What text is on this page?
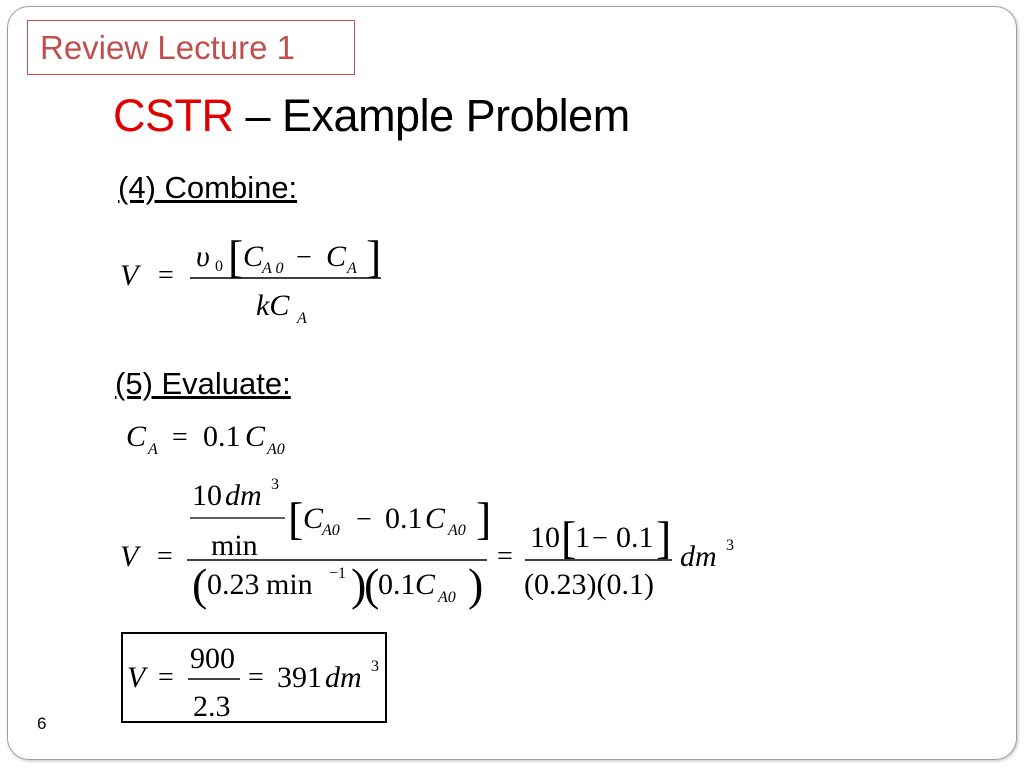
Review Lecture 1
CSTR – Example Problem
(4) Combine:
(5) Evaluate:
V =
υ 0 [ C
A 0 − C A ]
kC A
C A = 0.1 C A0
V =
10 dm 3
min
[ C
A0 − 0.1 C A0 ]
( 0.23 min −1 )
(
0.1 C A0 )
=
10 [
1 − 0.1 ]
(0.23)(0.1)
dm 3
V =
900
2.3
= 391 dm 3
6
